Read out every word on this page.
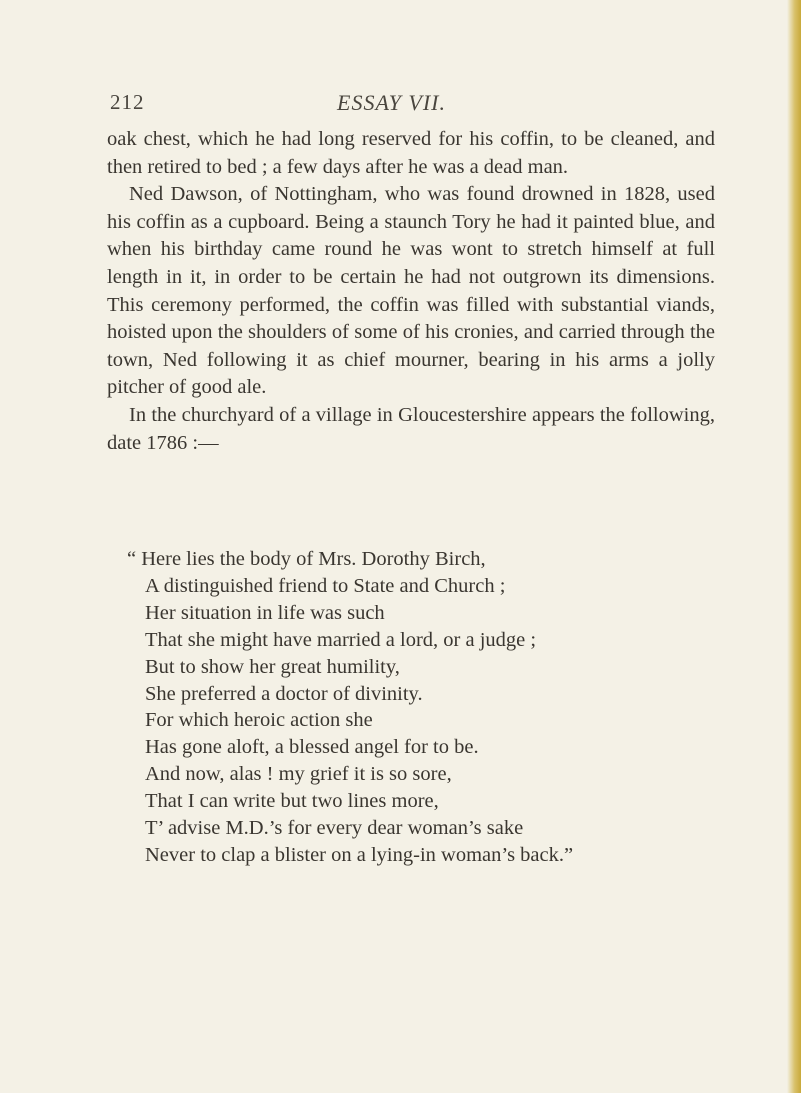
212	ESSAY VII.

oak chest, which he had long reserved for his coffin, to be cleaned, and then retired to bed ; a few days after he was a dead man.

Ned Dawson, of Nottingham, who was found drowned in 1828, used his coffin as a cupboard. Being a staunch Tory he had it painted blue, and when his birthday came round he was wont to stretch himself at full length in it, in order to be certain he had not outgrown its dimensions. This ceremony performed, the coffin was filled with substantial viands, hoisted upon the shoulders of some of his cronies, and carried through the town, Ned following it as chief mourner, bearing in his arms a jolly pitcher of good ale.

In the churchyard of a village in Gloucestershire appears the following, date 1786 :—

“ Here lies the body of Mrs. Dorothy Birch,

A distinguished friend to State and Church ;

Her situation in life was such

That she might have married a lord, or a judge ;

But to show her great humility,

She preferred a doctor of divinity.

For which heroic action she

Has gone aloft, a blessed angel for to be.

And now, alas ! my grief it is so sore,

That I can write but two lines more,

T’ advise M.D.’s for every dear woman’s sake

Never to clap a blister on a lying-in woman’s back.”
